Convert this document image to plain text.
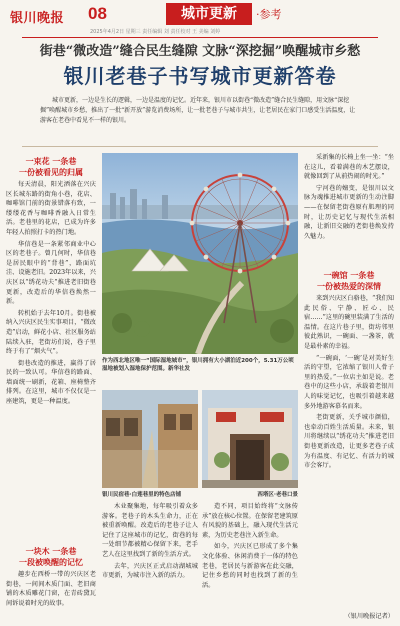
银川晚报 08	城市更新	·参考
2025年4月2日 星期三 责任编辑 刘 责任校对 王 美编 刘婷
街巷“微改造”缝合民生缝隙 文脉“深挖掘”唤醒城市乡愁
银川老巷子书写城市更新答卷
城市更新，一边是生长的逻辑，一边是温度的记忆。近年来，银川市以街巷“微改造”缝合民生缝隙，用文脉“深挖掘”唤醒城市乡愁，推出了一批“新开放”游览消费场所，让一批老巷子与城市共生，让老居民在家门口感受生活温度，让游客在老巷中看见不一样的银川。
一束花 一条巷
一份被看见的归属

每天清晨，阳光洒落在兴庆区长城东路的街角小巷，花店、咖啡馆门前的街景错落有致，一缕缕花香与咖啡香融入日常生活。老巷里的花店，已成为许多年轻人拍照打卡的热门地。

华信巷是一条紧邻商业中心区的老巷子。曾几何时，华信巷是居民眼中的“背巷”，路面坑洼、设施老旧。2023年以来，兴庆区以“绣花功夫”推进老旧街巷更新，改造后的华信巷焕然一新。

转机始于去年10月。街巷被纳入兴庆区民生实事项目，“微改造”启动，鲜花小店、社区服务站陆续入驻，老街坊们说，巷子里终于有了“烟火气”。

街巷改造的推进，赢得了居民的一致认可。华信巷的路面、墙面统一刷新，花箱、座椅整齐排列。在这里，城市不仅仅是一座建筑，更是一种温度。

一块木 一条巷
一段被唤醒的记忆

趣步在西桥一带的兴庆区老街巷，一间间木质门面、老旧商铺的木质雕花门窗，在青砖黛瓦间诉说着时光的故事。

作为西北地区唯一“国际湿地城市”，银川拥有大小湖泊近200个，5.31万公顷湿地被划入湿地保护范围。新华社发
银川民宿巷·白莲巷里的特色店铺	西塔区·老巷口景

木业聚集地，每年吸引着众多游客。老巷子的木头生命力，正在被重新唤醒。改造后的老巷子让人记住了这座城市的记忆，街巷的每一处细节都被精心保留下来，老手艺人在这里找到了新的生活方式。

去年，兴庆区正式启动湖城城市更新，为城市注入新的活力。

造不同，项目始终将“文脉传承”放在核心位置。在保留老建筑原有风貌的基础上，融入现代生活元素，为历史老巷注入新生命。

如今，兴庆区已形成了多个集文化体验、休闲消费于一体的特色老巷，老居民与新游客在此交融，记住乡愁的同时也找到了新的生活。

采新集的长椅上坐一坐：“坐在这儿，看着满巷的木艺摆设，就像回到了从前热闹的时光。”

宁河巷的嬗变，是银川以文脉为魂推进城市更新的生动注脚——在保留老街巷原有肌理的同时，让历史记忆与现代生活相融，让新旧交融的老街巷焕发持久魅力。

一碗馆 一条巷
一份被热爱的深情

来到兴庆区白骆巷，“我们知此民俗、宁静、匠心、民宿……”这里的碗里装满了生活的温情。在这片巷子里，街坊邻里彼此熟识，一碗面、一盏茶，就是最朴素的幸福。

“一碗面，‘一碗’是对美好生活的守望，它浓缩了银川人骨子里的热爱。”一位店主如是说。老巷中的这些小店，承载着老银川人的味觉记忆，也吸引着越来越多外地游客慕名而来。

老街更新，关乎城市颜值，也牵动百姓生活质量。未来，银川将继续以“绣花功夫”推进老旧街巷更新改造，让更多老巷子成为有温度、有记忆、有活力的城市会客厅。

（银川晚报记者）
